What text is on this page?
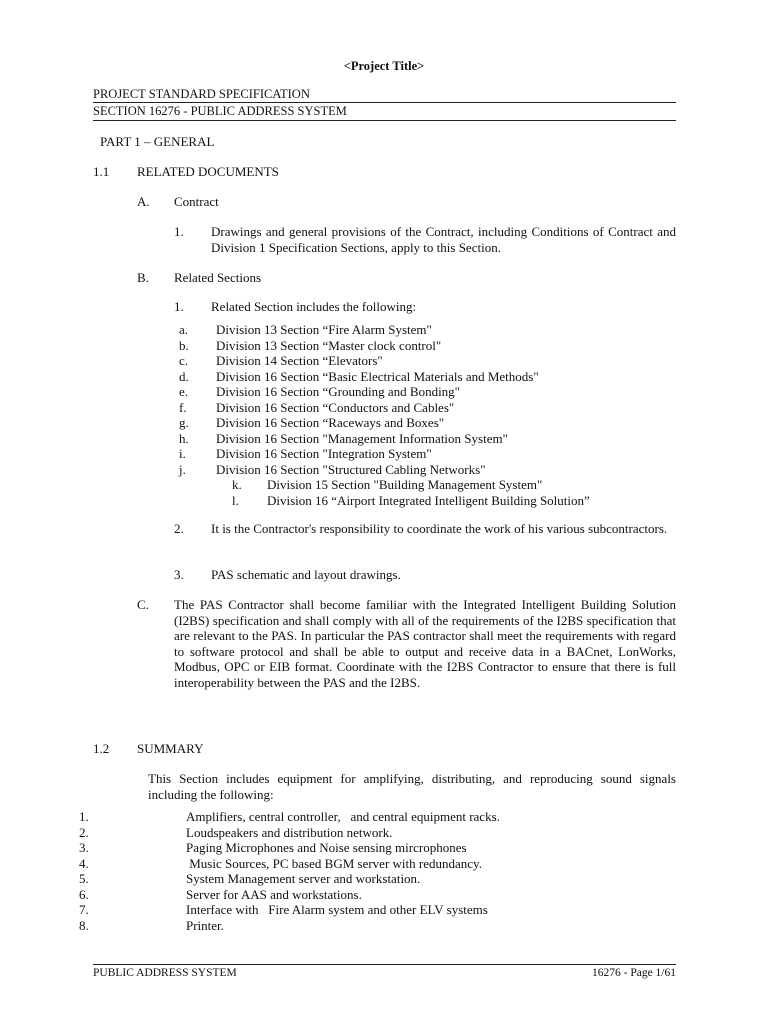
<Project Title>
PROJECT STANDARD SPECIFICATION
SECTION 16276 - PUBLIC ADDRESS SYSTEM
PART 1 – GENERAL
1.1 RELATED DOCUMENTS
A. Contract
1. Drawings and general provisions of the Contract, including Conditions of Contract and Division 1 Specification Sections, apply to this Section.
B. Related Sections
1. Related Section includes the following:
a. Division 13 Section “Fire Alarm System"
b. Division 13 Section “Master clock control"
c. Division 14 Section “Elevators"
d. Division 16 Section “Basic Electrical Materials and Methods"
e. Division 16 Section “Grounding and Bonding"
f. Division 16 Section “Conductors and Cables"
g. Division 16 Section “Raceways and Boxes"
h. Division 16 Section "Management Information System"
i. Division 16 Section "Integration System"
j. Division 16 Section "Structured Cabling Networks"
k. Division 15 Section "Building Management System"
l. Division 16 “Airport Integrated Intelligent Building Solution”
2. It is the Contractor's responsibility to coordinate the work of his various subcontractors.
3. PAS schematic and layout drawings.
C. The PAS Contractor shall become familiar with the Integrated Intelligent Building Solution (I2BS) specification and shall comply with all of the requirements of the I2BS specification that are relevant to the PAS. In particular the PAS contractor shall meet the requirements with regard to software protocol and shall be able to output and receive data in a BACnet, LonWorks, Modbus, OPC or EIB format. Coordinate with the I2BS Contractor to ensure that there is full interoperability between the PAS and the I2BS.
1.2 SUMMARY
This Section includes equipment for amplifying, distributing, and reproducing sound signals including the following:
1.	Amplifiers, central controller,   and central equipment racks.
2.	Loudspeakers and distribution network.
3.	Paging Microphones and Noise sensing mircrophones
4.	Music Sources, PC based BGM server with redundancy.
5.	System Management server and workstation.
6.	Server for AAS and workstations.
7.	Interface with   Fire Alarm system and other ELV systems
8.	Printer.
PUBLIC ADDRESS SYSTEM	16276 - Page 1/61
